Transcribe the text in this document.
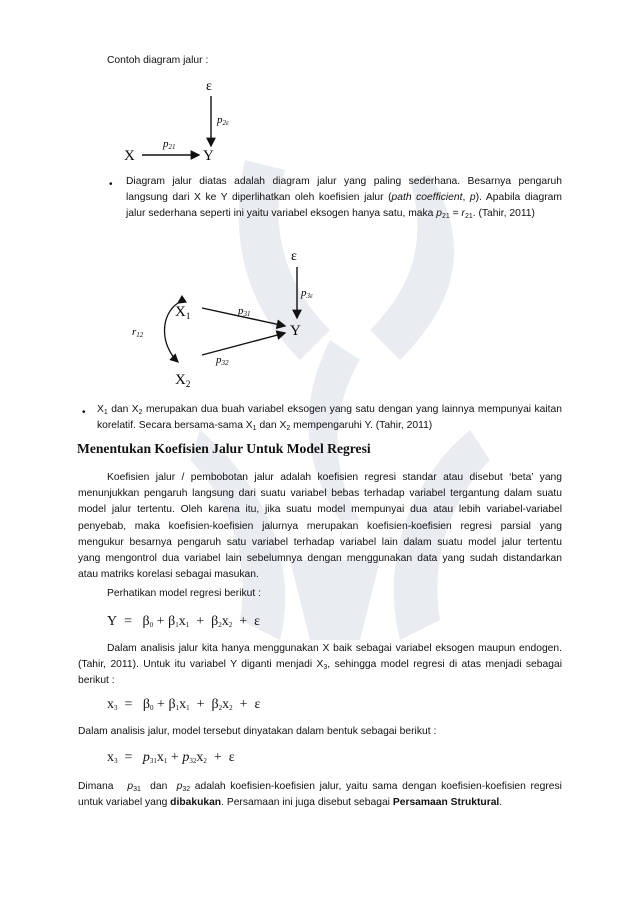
Contoh diagram jalur :
ε
p2ε
X
p21
Y
• Diagram jalur diatas adalah diagram jalur yang paling sederhana. Besarnya pengaruh
langsung dari X ke Y diperlihatkan oleh koefisien jalur (path coefficient, p). Apabila diagram
jalur sederhana seperti ini yaitu variabel eksogen hanya satu, maka $p_{21} = r_{21}$. (Tahir, 2011)
ε
p3ε
$X_1$	p31
Y
p32
$X_2$
r12
• $X_1$ dan $X_2$ merupakan dua buah variabel eksogen yang satu dengan yang lainnya mempunyai kaitan
korelatif. Secara bersama-sama $X_1$ dan $X_2$ mempengaruhi Y. (Tahir, 2011)
Menentukan Koefisien Jalur Untuk Model Regresi
Koefisien jalur / pembobotan jalur adalah koefisien regresi standar atau disebut ‘beta’ yang
menunjukkan pengaruh langsung dari suatu variabel bebas terhadap variabel tergantung dalam suatu
model jalur tertentu. Oleh karena itu, jika suatu model mempunyai dua atau lebih variabel-variabel
penyebab, maka koefisien-koefisien jalurnya merupakan koefisien-koefisien regresi parsial yang
mengukur besarnya pengaruh satu variabel terhadap variabel lain dalam suatu model jalur tertentu
yang mengontrol dua variabel lain sebelumnya dengan menggunakan data yang sudah distandarkan
atau matriks korelasi sebagai masukan.
Perhatikan model regresi berikut :
$Y = \beta_0 + \beta_1x_1 + \beta_2x_2 + \varepsilon$
Dalam analisis jalur kita hanya menggunakan X baik sebagai variabel eksogen maupun endogen.
(Tahir, 2011). Untuk itu variabel Y diganti menjadi $X_3$, sehingga model regresi di atas menjadi sebagai
berikut :
$x_3 = \beta_0 + \beta_1x_1 + \beta_2x_2 + \varepsilon$
Dalam analisis jalur, model tersebut dinyatakan dalam bentuk sebagai berikut :
$x_3 = p_{31}x_1 + p_{32}x_2 + \varepsilon$
Dimana $p_{31}$ dan $p_{32}$ adalah koefisien-koefisien jalur, yaitu sama dengan koefisien-koefisien regresi
untuk variabel yang dibakukan. Persamaan ini juga disebut sebagai Persamaan Struktural.
